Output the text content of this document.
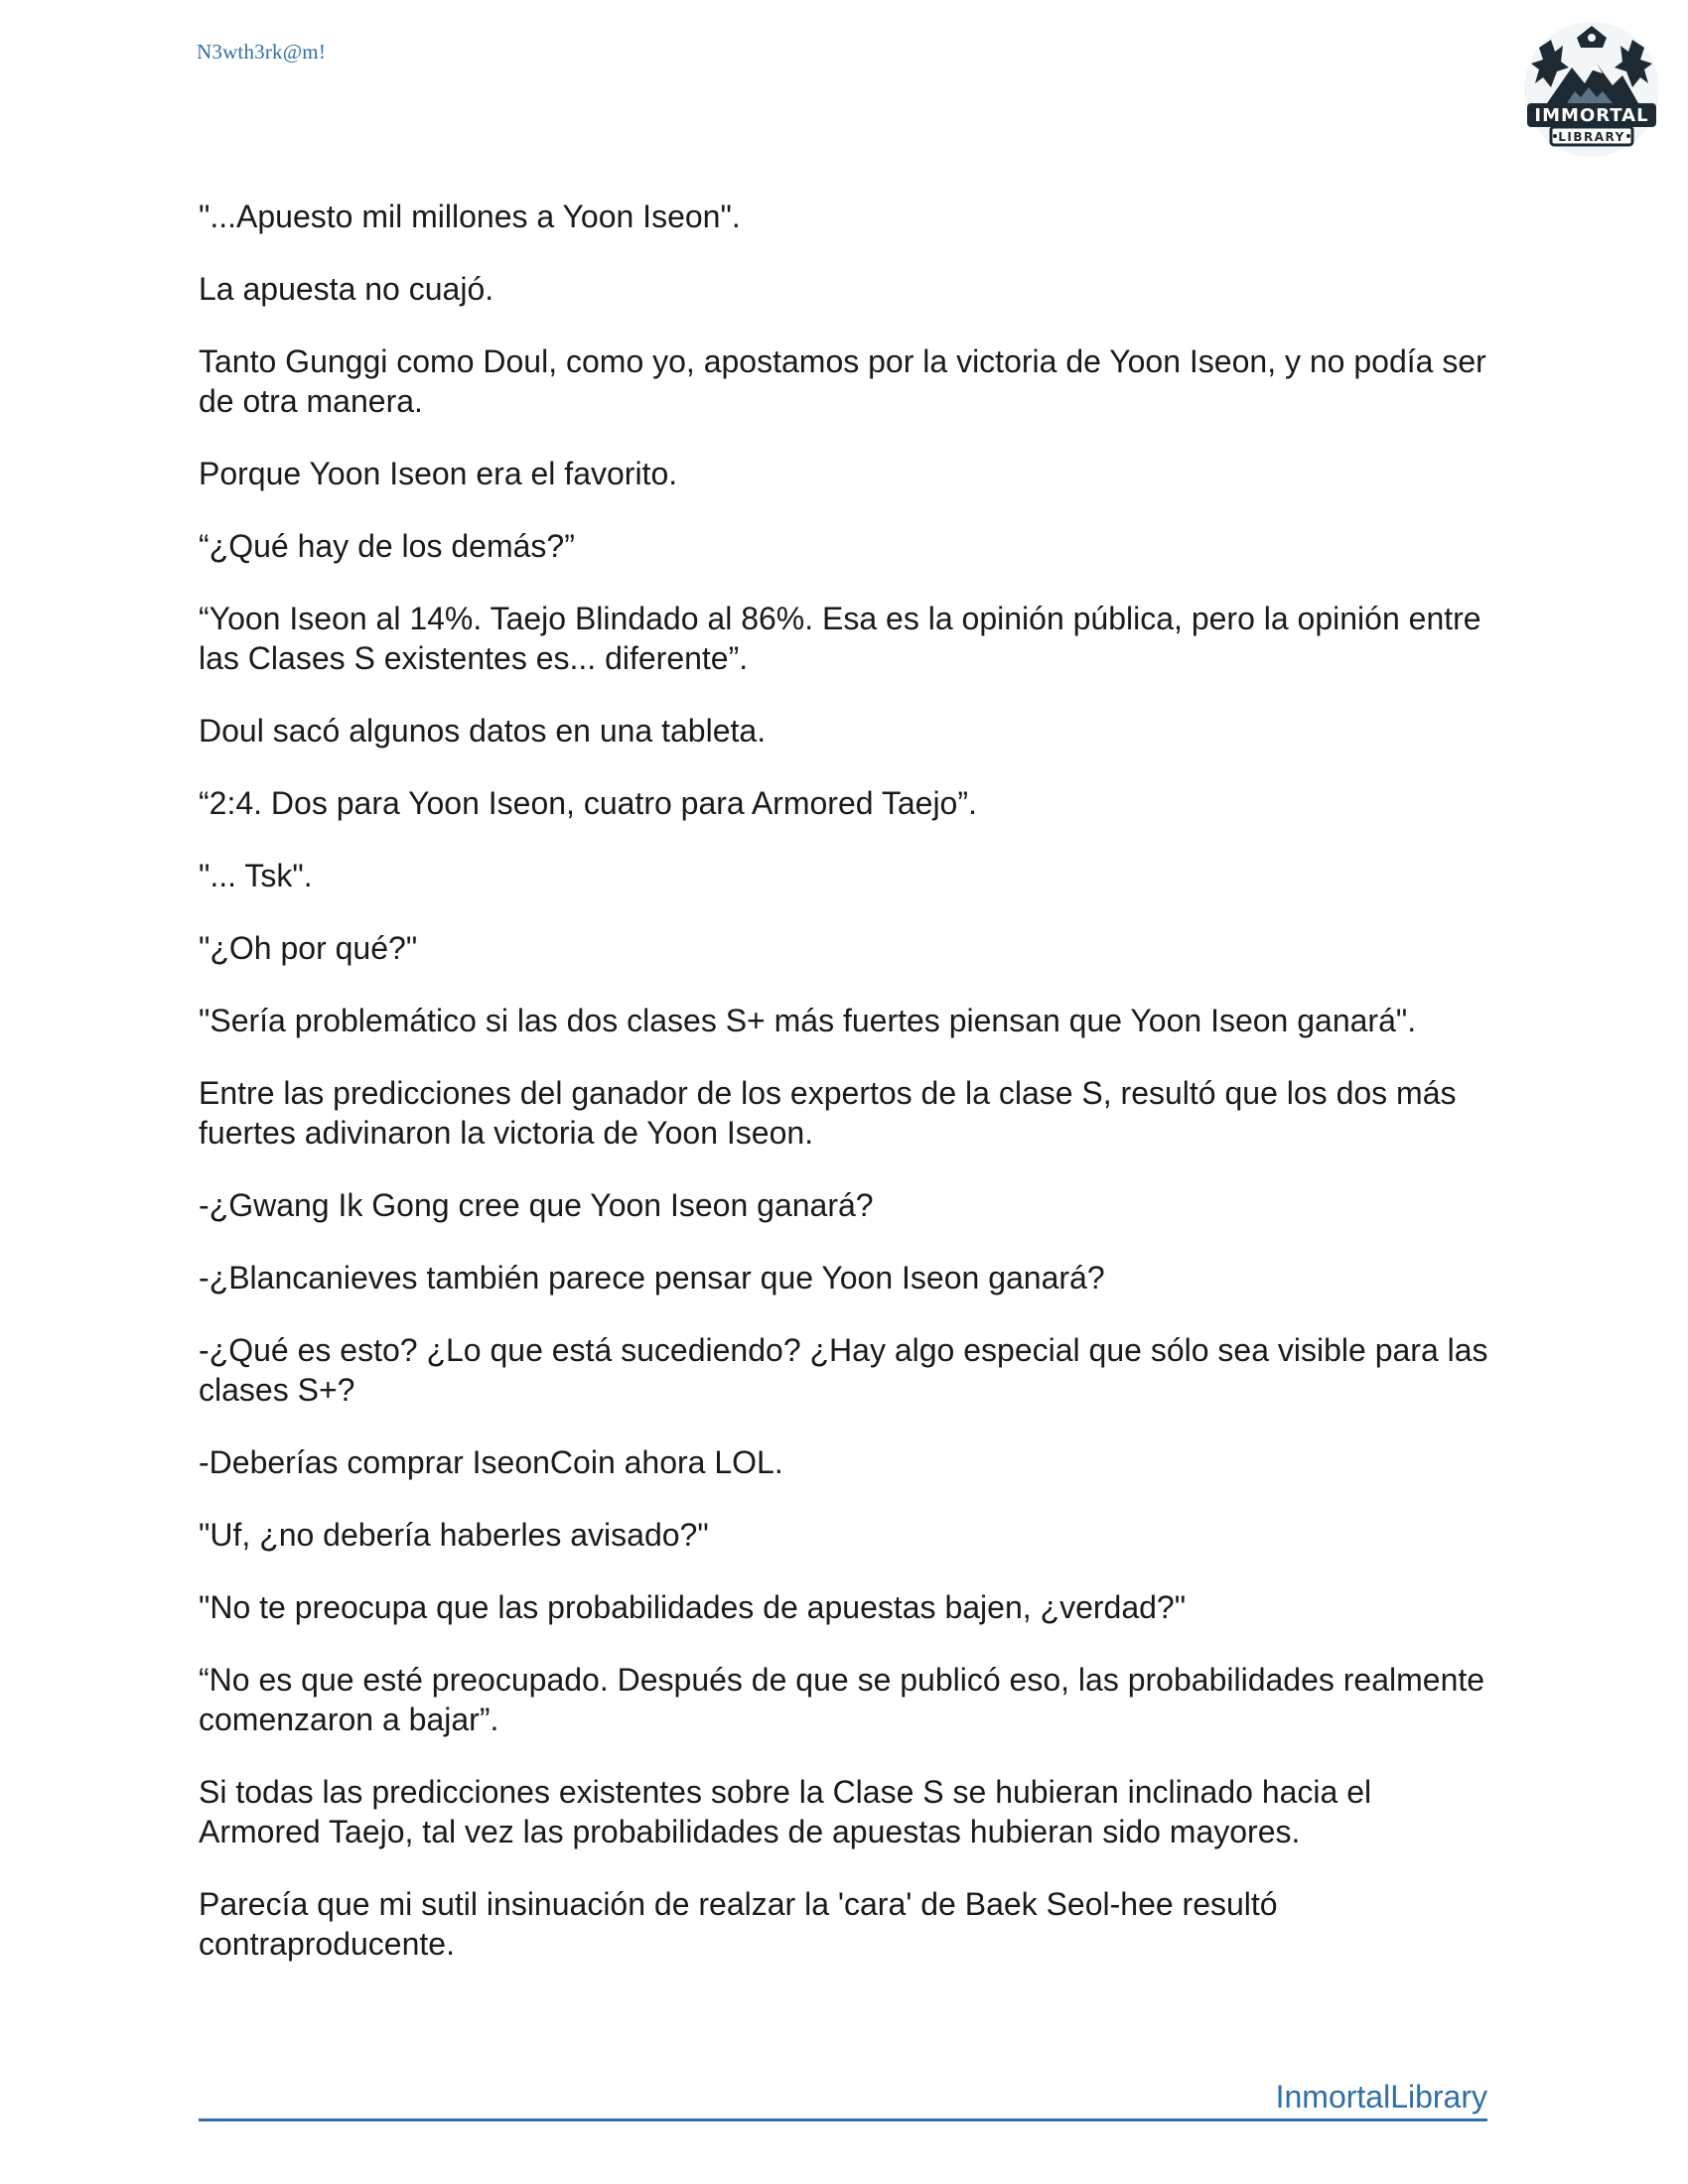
N3wth3rk@m!
IMMORTAL
LIBRARY

"...Apuesto mil millones a Yoon Iseon".

La apuesta no cuajó.

Tanto Gunggi como Doul, como yo, apostamos por la victoria de Yoon Iseon, y no podía ser de otra manera.

Porque Yoon Iseon era el favorito.

“¿Qué hay de los demás?”

“Yoon Iseon al 14%. Taejo Blindado al 86%. Esa es la opinión pública, pero la opinión entre las Clases S existentes es... diferente”.

Doul sacó algunos datos en una tableta.

“2:4. Dos para Yoon Iseon, cuatro para Armored Taejo”.

"... Tsk".

"¿Oh por qué?"

"Sería problemático si las dos clases S+ más fuertes piensan que Yoon Iseon ganará".

Entre las predicciones del ganador de los expertos de la clase S, resultó que los dos más fuertes adivinaron la victoria de Yoon Iseon.

-¿Gwang Ik Gong cree que Yoon Iseon ganará?

-¿Blancanieves también parece pensar que Yoon Iseon ganará?

-¿Qué es esto? ¿Lo que está sucediendo? ¿Hay algo especial que sólo sea visible para las clases S+?

-Deberías comprar IseonCoin ahora LOL.

"Uf, ¿no debería haberles avisado?"

"No te preocupa que las probabilidades de apuestas bajen, ¿verdad?"

“No es que esté preocupado. Después de que se publicó eso, las probabilidades realmente comenzaron a bajar”.

Si todas las predicciones existentes sobre la Clase S se hubieran inclinado hacia el Armored Taejo, tal vez las probabilidades de apuestas hubieran sido mayores.

Parecía que mi sutil insinuación de realzar la 'cara' de Baek Seol-hee resultó contraproducente.

InmortalLibrary
